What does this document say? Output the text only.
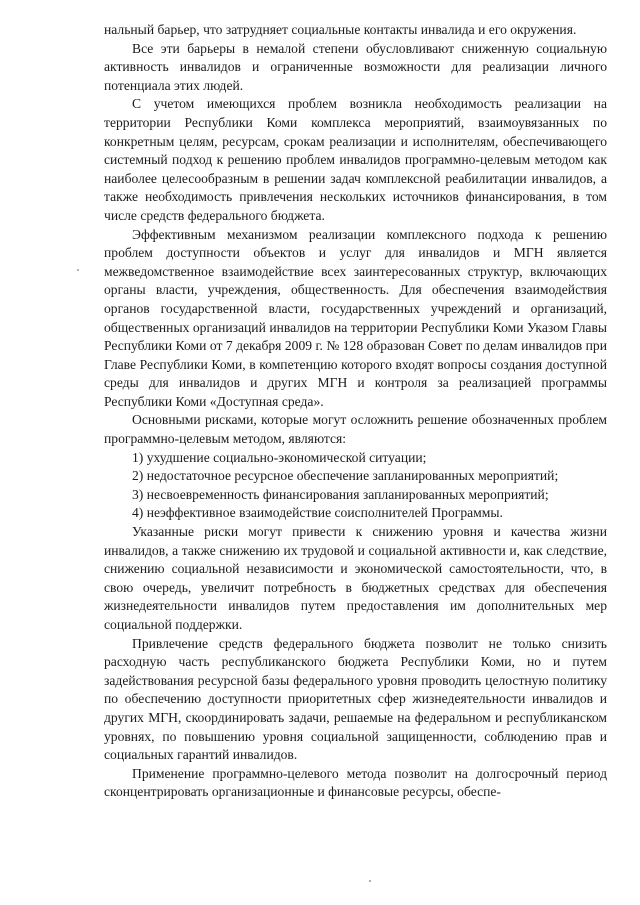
нальный барьер, что затрудняет социальные контакты инвалида и его окружения.

Все эти барьеры в немалой степени обусловливают сниженную социальную активность инвалидов и ограниченные возможности для реализации личного потенциала этих людей.

С учетом имеющихся проблем возникла необходимость реализации на территории Республики Коми комплекса мероприятий, взаимоувязанных по конкретным целям, ресурсам, срокам реализации и исполнителям, обеспечивающего системный подход к решению проблем инвалидов программно-целевым методом как наиболее целесообразным в решении задач комплексной реабилитации инвалидов, а также необходимость привлечения нескольких источников финансирования, в том числе средств федерального бюджета.

Эффективным механизмом реализации комплексного подхода к решению проблем доступности объектов и услуг для инвалидов и МГН является межведомственное взаимодействие всех заинтересованных структур, включающих органы власти, учреждения, общественность. Для обеспечения взаимодействия органов государственной власти, государственных учреждений и организаций, общественных организаций инвалидов на территории Республики Коми Указом Главы Республики Коми от 7 декабря 2009 г. № 128 образован Совет по делам инвалидов при Главе Республики Коми, в компетенцию которого входят вопросы создания доступной среды для инвалидов и других МГН и контроля за реализацией программы Республики Коми «Доступная среда».

Основными рисками, которые могут осложнить решение обозначенных проблем программно-целевым методом, являются:

1) ухудшение социально-экономической ситуации;

2) недостаточное ресурсное обеспечение запланированных мероприятий;

3) несвоевременность финансирования запланированных мероприятий;

4) неэффективное взаимодействие соисполнителей Программы.

Указанные риски могут привести к снижению уровня и качества жизни инвалидов, а также снижению их трудовой и социальной активности и, как следствие, снижению социальной независимости и экономической самостоятельности, что, в свою очередь, увеличит потребность в бюджетных средствах для обеспечения жизнедеятельности инвалидов путем предоставления им дополнительных мер социальной поддержки.

Привлечение средств федерального бюджета позволит не только снизить расходную часть республиканского бюджета Республики Коми, но и путем задействования ресурсной базы федерального уровня проводить целостную политику по обеспечению доступности приоритетных сфер жизнедеятельности инвалидов и других МГН, скоординировать задачи, решаемые на федеральном и республиканском уровнях, по повышению уровня социальной защищенности, соблюдению прав и социальных гарантий инвалидов.

Применение программно-целевого метода позволит на долгосрочный период сконцентрировать организационные и финансовые ресурсы, обеспе-
